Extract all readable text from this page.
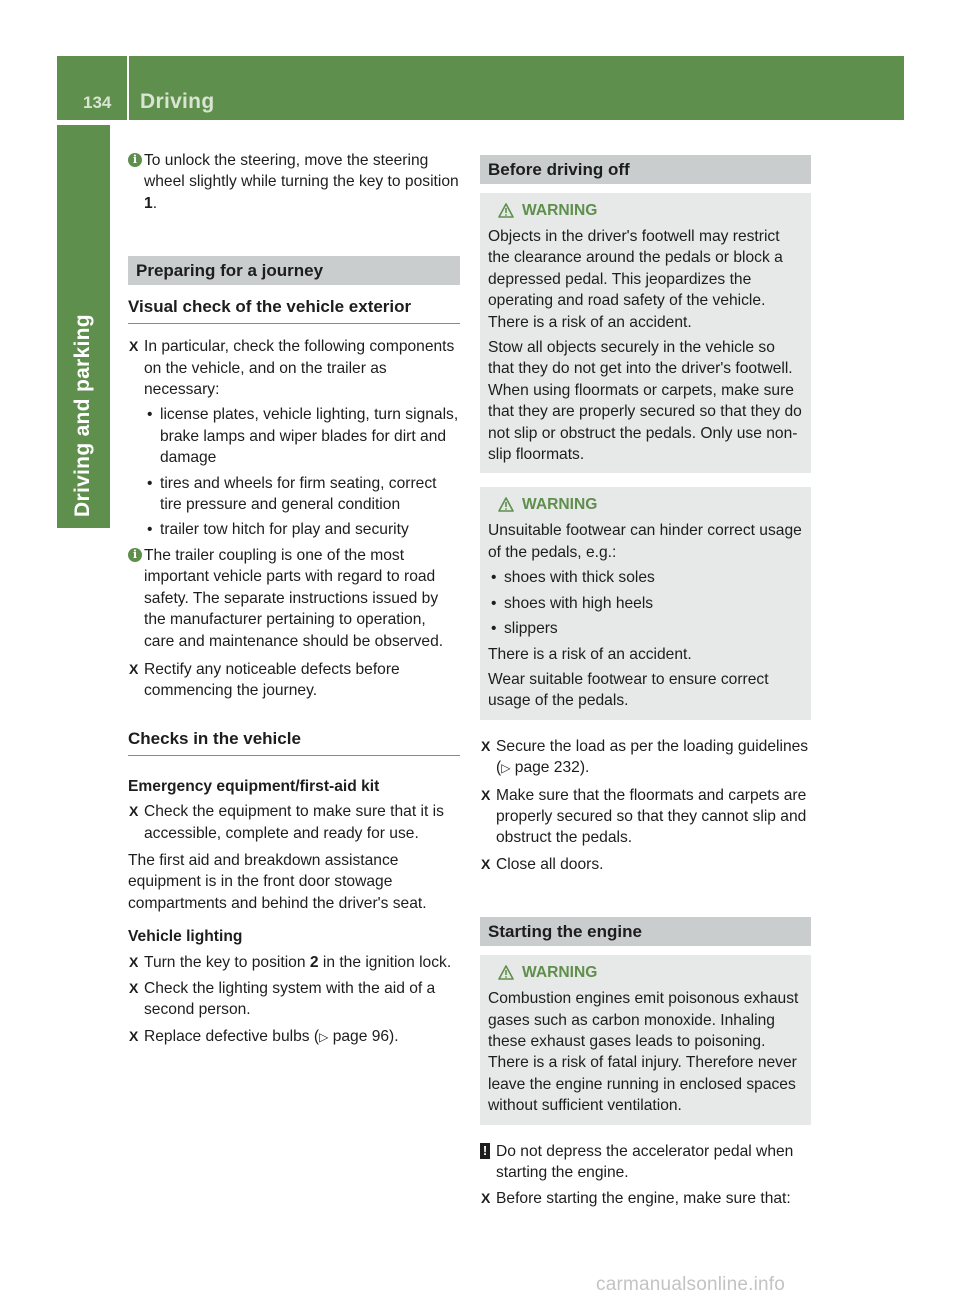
134 Driving
Driving and parking

i To unlock the steering, move the steering wheel slightly while turning the key to position 1.

Preparing for a journey
Visual check of the vehicle exterior

X In particular, check the following components on the vehicle, and on the trailer as necessary:

• license plates, vehicle lighting, turn signals, brake lamps and wiper blades for dirt and damage

• tires and wheels for firm seating, correct tire pressure and general condition

• trailer tow hitch for play and security

i The trailer coupling is one of the most important vehicle parts with regard to road safety. The separate instructions issued by the manufacturer pertaining to operation, care and maintenance should be observed.

X Rectify any noticeable defects before commencing the journey.

Checks in the vehicle

Emergency equipment/first-aid kit

X Check the equipment to make sure that it is accessible, complete and ready for use.

The first aid and breakdown assistance equipment is in the front door stowage compartments and behind the driver's seat.

Vehicle lighting

X Turn the key to position 2 in the ignition lock.

X Check the lighting system with the aid of a second person.

X Replace defective bulbs (▷ page 96).

Before driving off
WARNING

Objects in the driver's footwell may restrict the clearance around the pedals or block a depressed pedal. This jeopardizes the operating and road safety of the vehicle. There is a risk of an accident.

Stow all objects securely in the vehicle so that they do not get into the driver's footwell. When using floormats or carpets, make sure that they are properly secured so that they do not slip or obstruct the pedals. Only use non-slip floormats.

WARNING

Unsuitable footwear can hinder correct usage of the pedals, e.g.:

• shoes with thick soles

• shoes with high heels

• slippers

There is a risk of an accident.

Wear suitable footwear to ensure correct usage of the pedals.

X Secure the load as per the loading guidelines (▷ page 232).

X Make sure that the floormats and carpets are properly secured so that they cannot slip and obstruct the pedals.

X Close all doors.

Starting the engine
WARNING

Combustion engines emit poisonous exhaust gases such as carbon monoxide. Inhaling these exhaust gases leads to poisoning. There is a risk of fatal injury. Therefore never leave the engine running in enclosed spaces without sufficient ventilation.

! Do not depress the accelerator pedal when starting the engine.

X Before starting the engine, make sure that:

carmanualsonline.info
